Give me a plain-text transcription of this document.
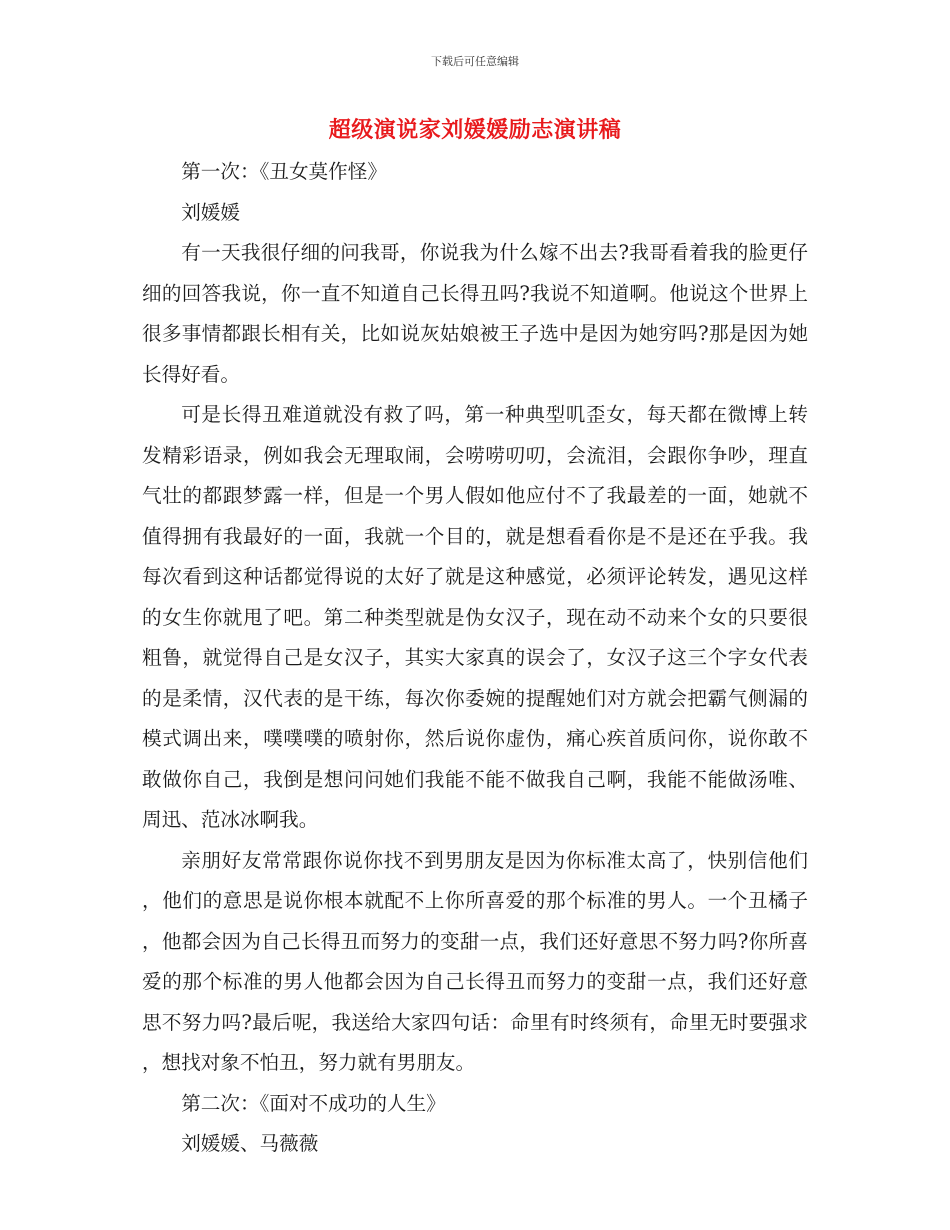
下载后可任意编辑
超级演说家刘媛媛励志演讲稿

第一次：《丑女莫作怪》

刘媛媛

有一天我很仔细的问我哥，你说我为什么嫁不出去?我哥看着我的脸更仔细的回答我说，你一直不知道自己长得丑吗?我说不知道啊。他说这个世界上很多事情都跟长相有关，比如说灰姑娘被王子选中是因为她穷吗?那是因为她长得好看。

可是长得丑难道就没有救了吗，第一种典型叽歪女，每天都在微博上转发精彩语录，例如我会无理取闹，会唠唠叨叨，会流泪，会跟你争吵，理直气壮的都跟梦露一样，但是一个男人假如他应付不了我最差的一面，她就不值得拥有我最好的一面，我就一个目的，就是想看看你是不是还在乎我。我每次看到这种话都觉得说的太好了就是这种感觉，必须评论转发，遇见这样的女生你就甩了吧。第二种类型就是伪女汉子，现在动不动来个女的只要很粗鲁，就觉得自己是女汉子，其实大家真的误会了，女汉子这三个字女代表的是柔情，汉代表的是干练，每次你委婉的提醒她们对方就会把霸气侧漏的模式调出来，噗噗噗的喷射你，然后说你虚伪，痛心疾首质问你，说你敢不敢做你自己，我倒是想问问她们我能不能不做我自己啊，我能不能做汤唯、周迅、范冰冰啊我。

亲朋好友常常跟你说你找不到男朋友是因为你标准太高了，快别信他们，他们的意思是说你根本就配不上你所喜爱的那个标准的男人。一个丑橘子，他都会因为自己长得丑而努力的变甜一点，我们还好意思不努力吗?你所喜爱的那个标准的男人他都会因为自己长得丑而努力的变甜一点，我们还好意思不努力吗?最后呢，我送给大家四句话：命里有时终须有，命里无时要强求，想找对象不怕丑，努力就有男朋友。

第二次：《面对不成功的人生》

刘媛媛、马薇薇
